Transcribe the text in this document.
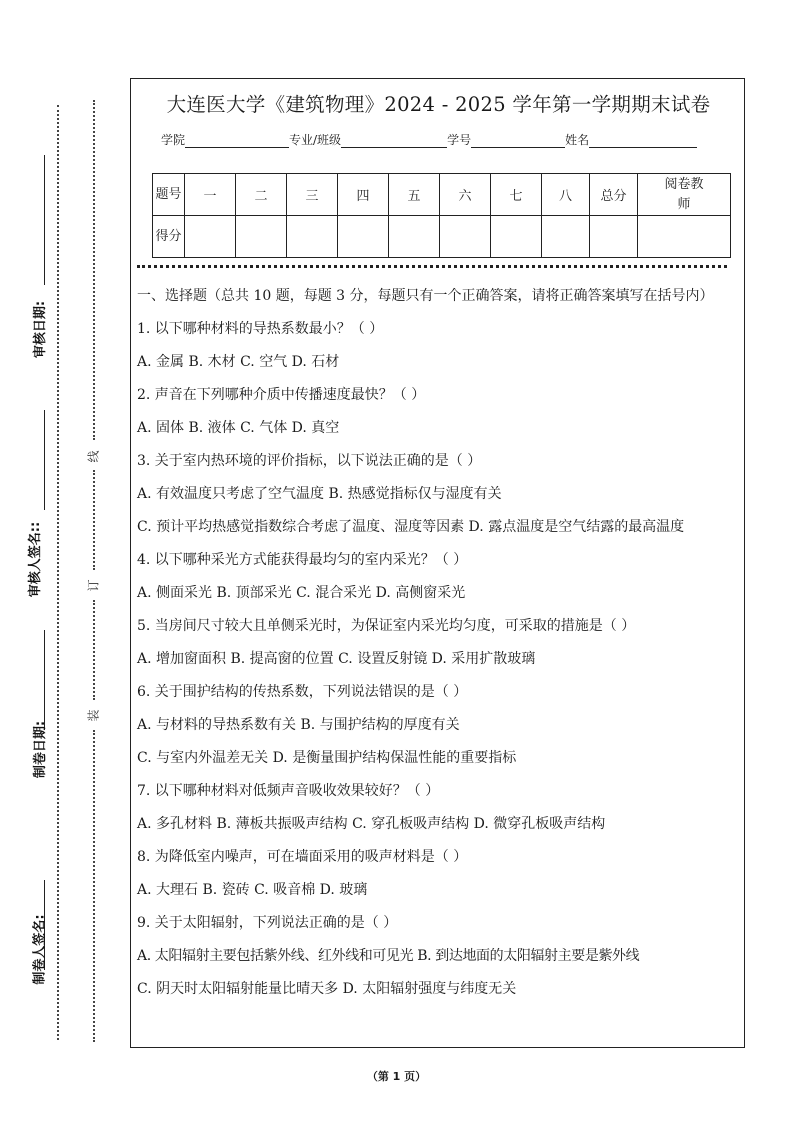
审核日期:
审核人签名::
制卷日期:
制卷人签名:
线
订
装
大连医大学《建筑物理》2024 - 2025 学年第一学期期末试卷
学院	专业/班级	学号	姓名
题号	一	二	三	四	五	六	七	八	总分	阅卷教师
得分										

一、选择题（总共 10 题，每题 3 分，每题只有一个正确答案，请将正确答案填写在括号内）

1. 以下哪种材料的导热系数最小？（ ）

A. 金属 B. 木材 C. 空气 D. 石材

2. 声音在下列哪种介质中传播速度最快？（ ）

A. 固体 B. 液体 C. 气体 D. 真空

3. 关于室内热环境的评价指标，以下说法正确的是（ ）

A. 有效温度只考虑了空气温度 B. 热感觉指标仅与湿度有关

C. 预计平均热感觉指数综合考虑了温度、湿度等因素 D. 露点温度是空气结露的最高温度

4. 以下哪种采光方式能获得最均匀的室内采光？（ ）

A. 侧面采光 B. 顶部采光 C. 混合采光 D. 高侧窗采光

5. 当房间尺寸较大且单侧采光时，为保证室内采光均匀度，可采取的措施是（ ）

A. 增加窗面积 B. 提高窗的位置 C. 设置反射镜 D. 采用扩散玻璃

6. 关于围护结构的传热系数，下列说法错误的是（ ）

A. 与材料的导热系数有关 B. 与围护结构的厚度有关

C. 与室内外温差无关 D. 是衡量围护结构保温性能的重要指标

7. 以下哪种材料对低频声音吸收效果较好？（ ）

A. 多孔材料 B. 薄板共振吸声结构 C. 穿孔板吸声结构 D. 微穿孔板吸声结构

8. 为降低室内噪声，可在墙面采用的吸声材料是（ ）

A. 大理石 B. 瓷砖 C. 吸音棉 D. 玻璃

9. 关于太阳辐射，下列说法正确的是（ ）

A. 太阳辐射主要包括紫外线、红外线和可见光 B. 到达地面的太阳辐射主要是紫外线

C. 阴天时太阳辐射能量比晴天多 D. 太阳辐射强度与纬度无关

（第 1 页）
